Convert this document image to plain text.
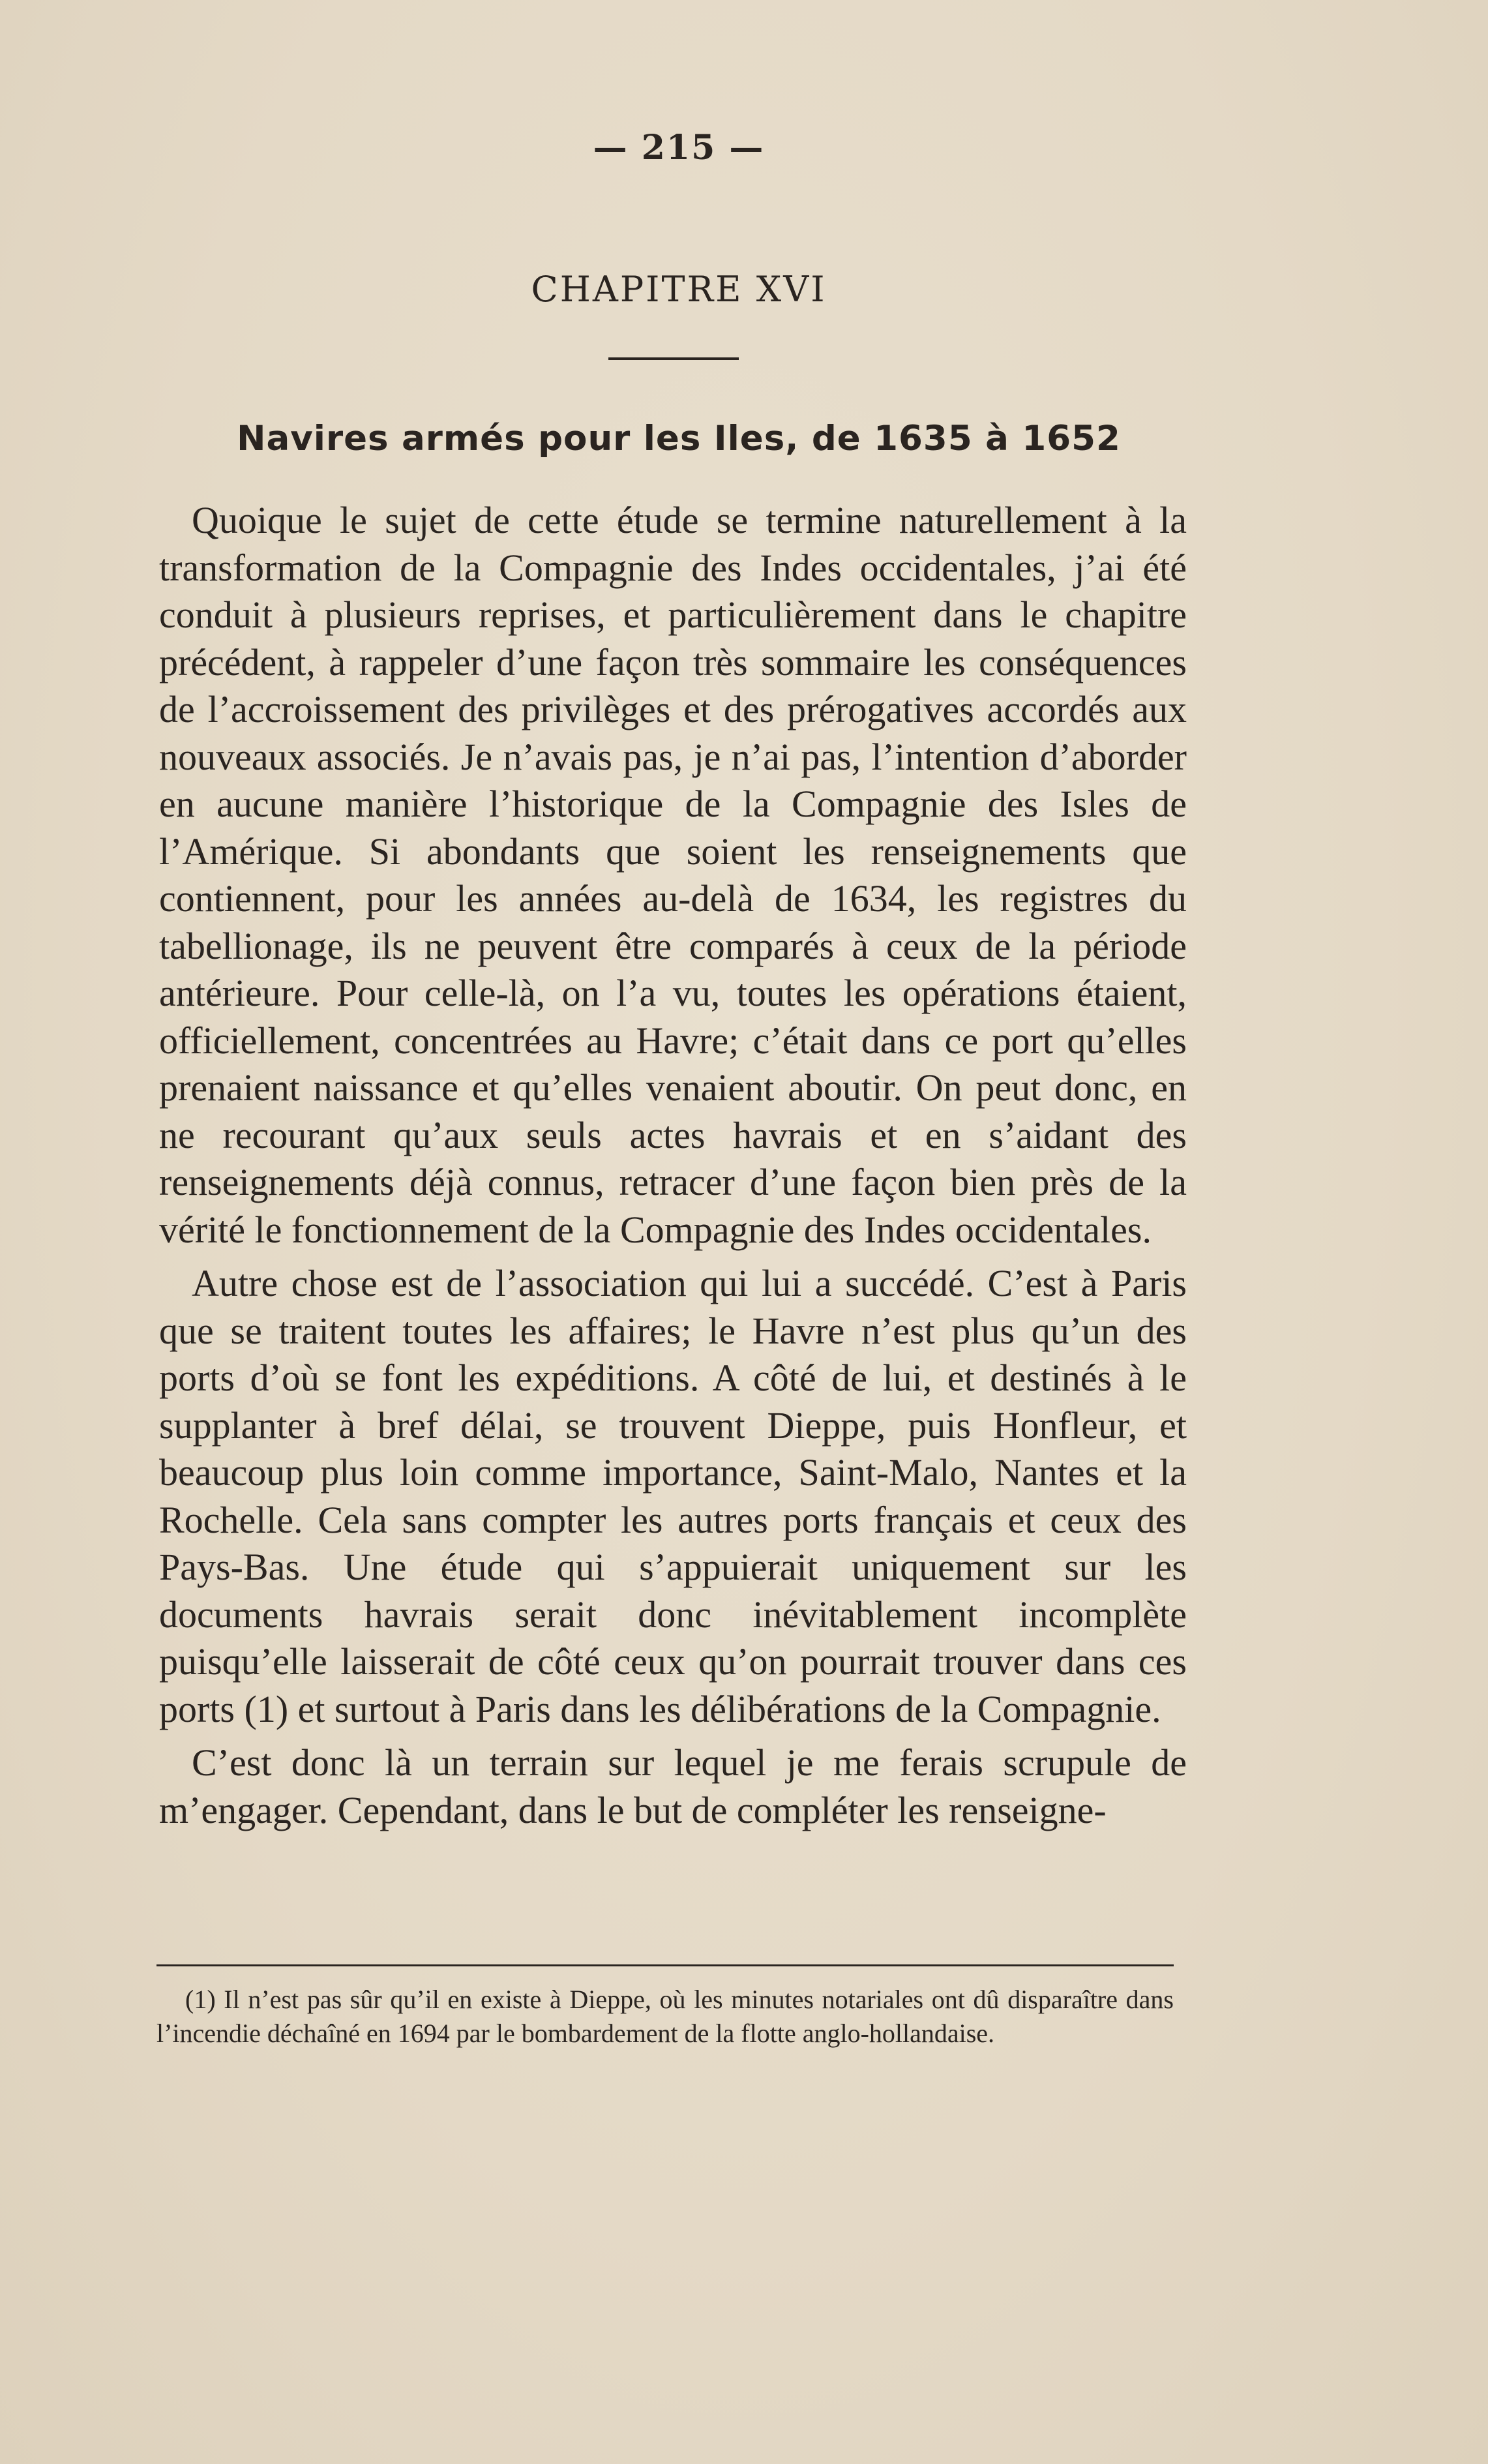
— 215 —
CHAPITRE XVI
Navires armés pour les Iles, de 1635 à 1652

Quoique le sujet de cette étude se termine naturellement à la transformation de la Compagnie des Indes occidentales, j’ai été conduit à plusieurs reprises, et particulièrement dans le chapitre précédent, à rappeler d’une façon très sommaire les conséquences de l’accroissement des privilèges et des prérogatives accordés aux nouveaux associés. Je n’avais pas, je n’ai pas, l’intention d’aborder en aucune manière l’historique de la Compagnie des Isles de l’Amérique. Si abondants que soient les renseignements que contiennent, pour les années au-delà de 1634, les registres du tabellionage, ils ne peuvent être comparés à ceux de la période antérieure. Pour celle-là, on l’a vu, toutes les opérations étaient, officiellement, concentrées au Havre; c’était dans ce port qu’elles prenaient naissance et qu’elles venaient aboutir. On peut donc, en ne recourant qu’aux seuls actes havrais et en s’aidant des renseignements déjà connus, retracer d’une façon bien près de la vérité le fonctionnement de la Compagnie des Indes occidentales.

Autre chose est de l’association qui lui a succédé. C’est à Paris que se traitent toutes les affaires; le Havre n’est plus qu’un des ports d’où se font les expéditions. A côté de lui, et destinés à le supplanter à bref délai, se trouvent Dieppe, puis Honfleur, et beaucoup plus loin comme importance, Saint-Malo, Nantes et la Rochelle. Cela sans compter les autres ports français et ceux des Pays-Bas. Une étude qui s’appuierait uniquement sur les documents havrais serait donc inévitablement incomplète puisqu’elle laisserait de côté ceux qu’on pourrait trouver dans ces ports (1) et surtout à Paris dans les délibérations de la Compagnie.

C’est donc là un terrain sur lequel je me ferais scrupule de m’engager. Cependant, dans le but de compléter les renseigne-

(1) Il n’est pas sûr qu’il en existe à Dieppe, où les minutes notariales ont dû disparaître dans l’incendie déchaîné en 1694 par le bombardement de la flotte anglo-hollandaise.
